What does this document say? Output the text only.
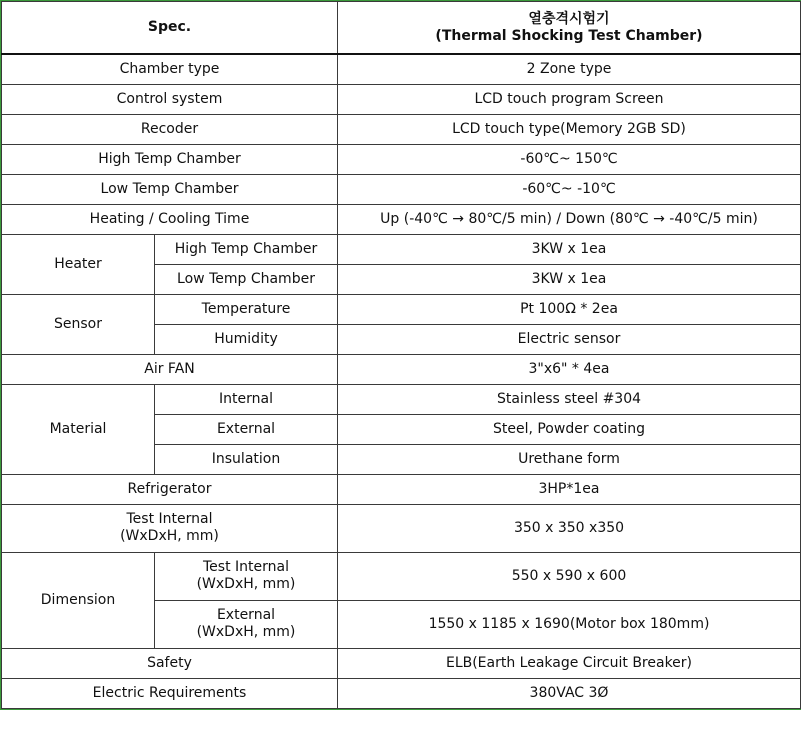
Spec.		열충격시험기
(Thermal Shocking Test Chamber)

Chamber type		2 Zone type
Control system		LCD touch program Screen
Recoder		LCD touch type(Memory 2GB SD)
High Temp Chamber		-60℃~ 150℃
Low Temp Chamber		-60℃~ -10℃
Heating / Cooling Time		Up (-40℃ → 80℃/5 min) / Down (80℃ → -40℃/5 min)
Heater	High Temp Chamber	3KW x 1ea
	Low Temp Chamber	3KW x 1ea
Sensor	Temperature	Pt 100Ω * 2ea
	Humidity	Electric sensor
Air FAN		3"x6" * 4ea
Material	Internal	Stainless steel #304
	External	Steel, Powder coating
	Insulation	Urethane form
Refrigerator		3HP*1ea

Test Internal
(WxDxH, mm)		350 x 350 x350
Dimension	Test Internal
(WxDxH, mm)	550 x 590 x 600

	External
(WxDxH, mm)	1550 x 1185 x 1690(Motor box 180mm)
Safety		ELB(Earth Leakage Circuit Breaker)
Electric Requirements		380VAC 3Ø
